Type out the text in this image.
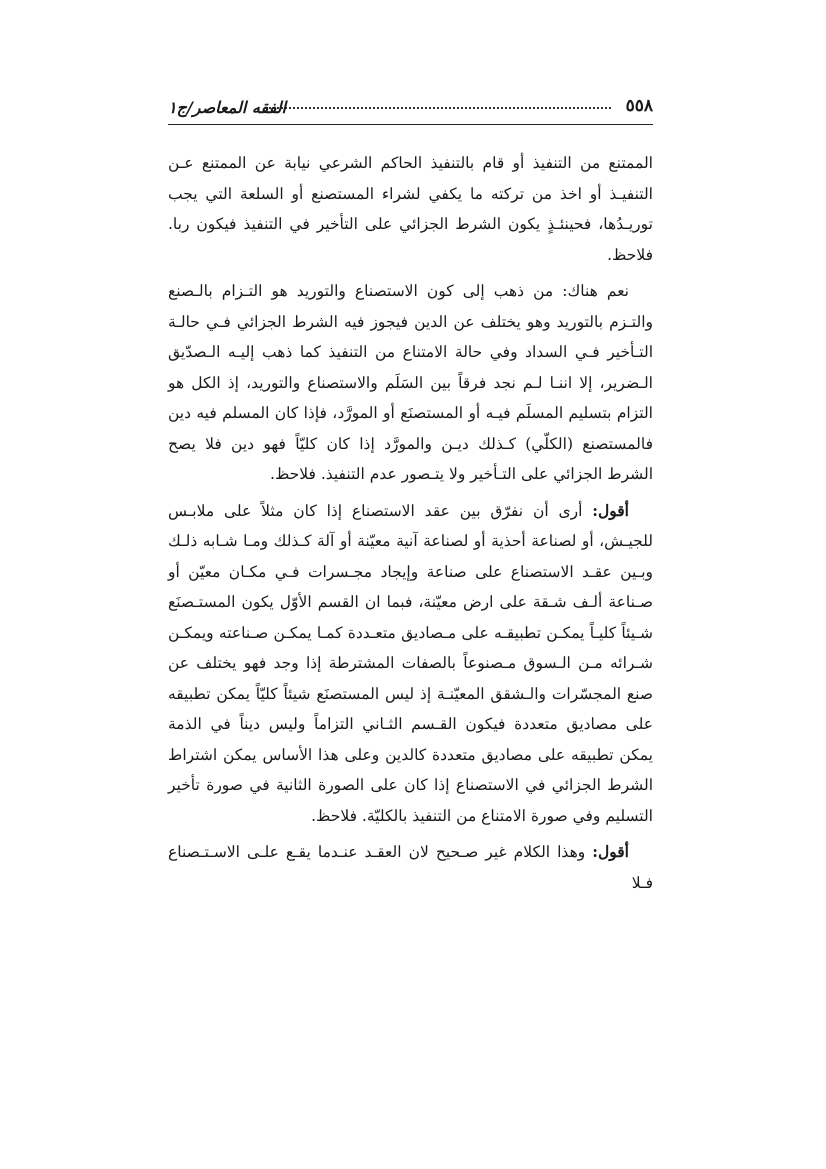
٥٥٨
الفقه المعاصر/ج١

الممتنع من التنفيذ أو قام بالتنفيذ الحاكم الشرعي نيابة عن الممتنع عـن التنفيـذ أو اخذ من تركته ما يكفي لشراء المستصنع أو السلعة التي يجب توريـدُها، فحينئـذٍ يكون الشرط الجزائي على التأخير في التنفيذ فيكون ربا. فلاحظ.

نعم هناك: من ذهب إلى كون الاستصناع والتوريد هو التـزام بالـصنع والتـزم بالتوريد وهو يختلف عن الدين فيجوز فيه الشرط الجزائي فـي حالـة التـأخير فـي السداد وفي حالة الامتناع من التنفيذ كما ذهب إليـه الـصدّيق الـضرير، إلا اننـا لـم نجد فرقاً بين السَلَم والاستصناع والتوريد، إذ الكل هو التزام بتسليم المسلَم فيـه أو المستصنَع أو المورَّد، فإذا كان المسلم فيه دين فالمستصنع (الكلّي) كـذلك ديـن والمورَّد إذا كان كليّاً فهو دين فلا يصح الشرط الجزائي على التـأخير ولا يتـصور عدم التنفيذ. فلاحظ.

أقول: أرى أن نفرّق بين عقد الاستصناع إذا كان مثلاً على ملابـس للجيـش، أو لصناعة أحذية أو لصناعة آنية معيّنة أو آلة كـذلك ومـا شـابه ذلـك وبـين عقـد الاستصناع على صناعة وإيجاد مجـسرات فـي مكـان معيّن أو صـناعة ألـف شـقة على ارض معيّنة، فبما ان القسم الأوّل يكون المستـصنَع شـيئاً كليـاً يمكـن تطبيقـه على مـصاديق متعـددة كمـا يمكـن صـناعته ويمكـن شـرائه مـن الـسوق مـصنوعاً بالصفات المشترطة إذا وجد فهو يختلف عن صنع المجسّرات والـشقق المعيّنـة إذ ليس المستصنَع شيئاً كليّاً يمكن تطبيقه على مصاديق متعددة فيكون القـسم الثـاني التزاماً وليس ديناً في الذمة يمكن تطبيقه على مصاديق متعددة كالدين وعلى هذا الأساس يمكن اشتراط الشرط الجزائي في الاستصناع إذا كان على الصورة الثانية في صورة تأخير التسليم وفي صورة الامتناع من التنفيذ بالكليّة. فلاحظ.

أقول: وهذا الكلام غير صـحيح لان العقـد عنـدما يقـع علـى الاسـتـصناع فـلا
